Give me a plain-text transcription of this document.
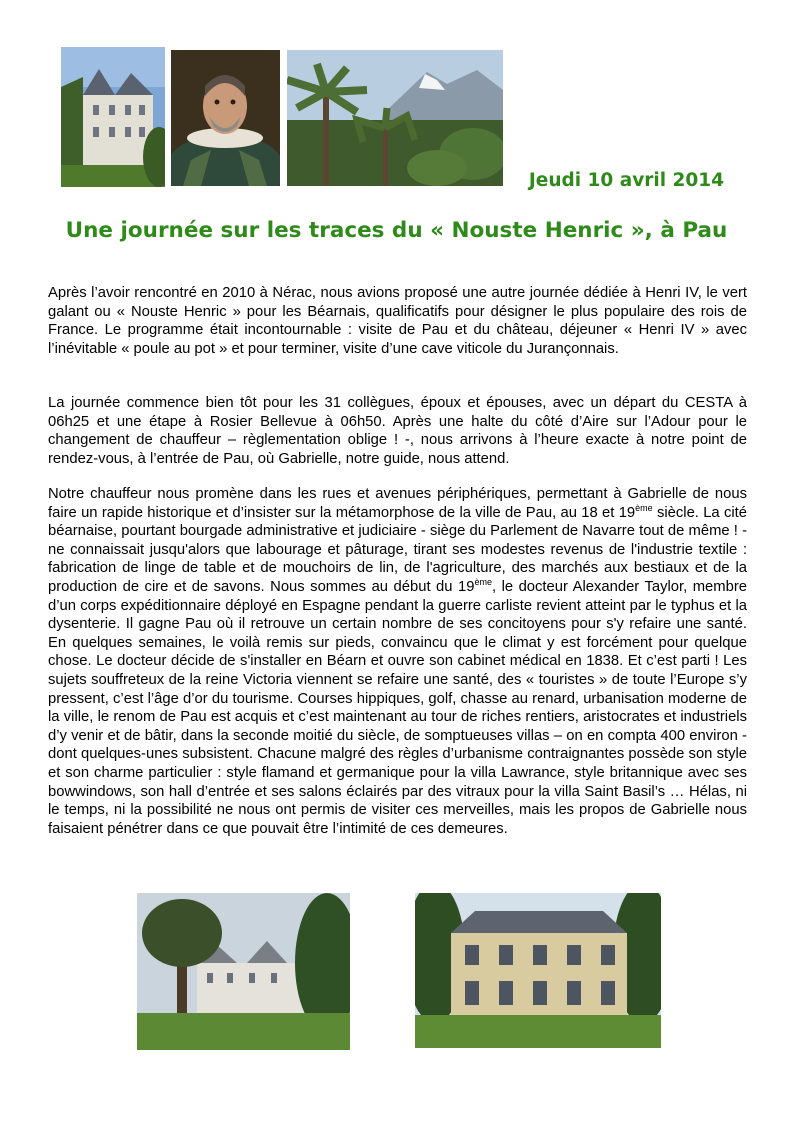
Jeudi 10 avril 2014
Une journée sur les traces du « Nouste Henric », à Pau

Après l’avoir rencontré en 2010 à Nérac, nous avions proposé une autre journée dédiée à Henri IV, le vert galant ou « Nouste Henric » pour les Béarnais, qualificatifs pour désigner le plus populaire des rois de France. Le programme était incontournable : visite de Pau et du château, déjeuner « Henri IV » avec l’inévitable « poule au pot » et pour terminer, visite d’une cave viticole du Jurançonnais.

La journée commence bien tôt pour les 31 collègues, époux et épouses, avec un départ du CESTA à 06h25 et une étape à Rosier Bellevue à 06h50. Après une halte du côté d’Aire sur l’Adour pour le changement de chauffeur – règlementation oblige ! -, nous arrivons à l’heure exacte à notre point de rendez-vous, à l’entrée de Pau, où Gabrielle, notre guide, nous attend.

Notre chauffeur nous promène dans les rues et avenues périphériques, permettant à Gabrielle de nous faire un rapide historique et d’insister sur la métamorphose de la ville de Pau, au 18 et 19ème siècle. La cité béarnaise, pourtant bourgade administrative et judiciaire - siège du Parlement de Navarre tout de même ! - ne connaissait jusqu'alors que labourage et pâturage, tirant ses modestes revenus de l'industrie textile : fabrication de linge de table et de mouchoirs de lin, de l'agriculture, des marchés aux bestiaux et de la production de cire et de savons. Nous sommes au début du 19ème, le docteur Alexander Taylor, membre d’un corps expéditionnaire déployé en Espagne pendant la guerre carliste revient atteint par le typhus et la dysenterie. Il gagne Pau où il retrouve un certain nombre de ses concitoyens pour s'y refaire une santé. En quelques semaines, le voilà remis sur pieds, convaincu que le climat y est forcément pour quelque chose. Le docteur décide de s'installer en Béarn et ouvre son cabinet médical en 1838. Et c’est parti ! Les sujets souffreteux de la reine Victoria viennent se refaire une santé, des « touristes » de toute l’Europe s’y pressent, c’est l’âge d’or du tourisme. Courses hippiques, golf, chasse au renard, urbanisation moderne de la ville, le renom de Pau est acquis et c’est maintenant au tour de riches rentiers, aristocrates et industriels d’y venir et de bâtir, dans la seconde moitié du siècle, de somptueuses villas – on en compta 400 environ - dont quelques-unes subsistent. Chacune malgré des règles d’urbanisme contraignantes possède son style et son charme particulier : style flamand et germanique pour la villa Lawrance, style britannique avec ses bowwindows, son hall d’entrée et ses salons éclairés par des vitraux pour la villa Saint Basil’s … Hélas, ni le temps, ni la possibilité ne nous ont permis de visiter ces merveilles, mais les propos de Gabrielle nous faisaient pénétrer dans ce que pouvait être l’intimité de ces demeures.
